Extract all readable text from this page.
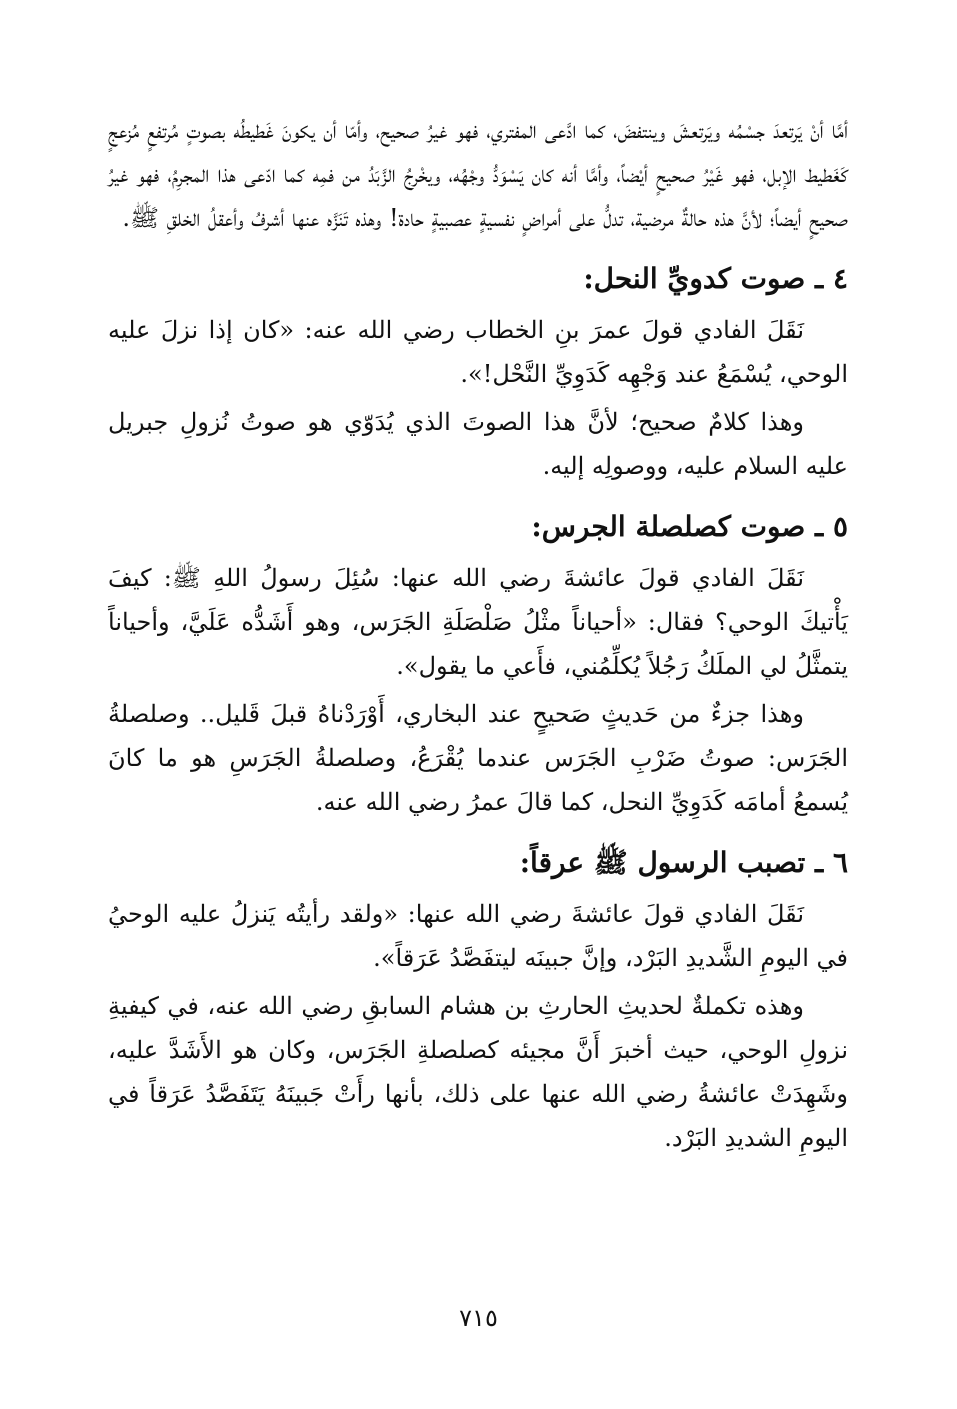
أمَّا أنْ يَرتعدَ جسْمُه ويَرتعشَ وينتفضَ، كما ادَّعى المفتري، فهو غيرُ صحيح، وأمّا أن يكونَ غَطيطُه بصوتٍ مُرتفعٍ مُزعجٍ كَغَطيط الإبل، فهو غَيْرُ صحيحٍ أيْضاً، وأمَّا أنه كان يَسْوَدُّ وجْهُه، ويخْرجُ الزَّبَدُ من فمِه كما ادّعى هذا المجرِمُ، فهو غيرُ صحيحٍ أيضاً؛ لأنَّ هذه حالةٌ مرضية، تدلُّ على أمراضٍ نفسيةٍ عصبيةٍ حادة! وهذه تَنَزَّه عنها أشرفُ وأعقلُ الخلقِ ﷺ.

٤ ـ صوت كدويِّ النحل:

نَقَلَ الفادي قولَ عمرَ بنِ الخطاب رضي الله عنه: «كان إذا نزلَ عليه الوحي، يُسْمَعُ عند وَجْهِه كَدَوِيِّ النَّحْل!».

وهذا كلامٌ صحيح؛ لأنَّ هذا الصوتَ الذي يُدَوّي هو صوتُ نُزولِ جبريل عليه السلام عليه، ووصولِه إليه.

٥ ـ صوت كصلصلة الجرس:

نَقَلَ الفادي قولَ عائشةَ رضي الله عنها: سُئِلَ رسولُ اللهِ ﷺ: كيفَ يَأْتيكَ الوحي؟ فقال: «أحياناً مثْلُ صَلْصَلَةِ الجَرَس، وهو أَشَدُّه عَلَيَّ، وأحياناً يتمثَّلُ لي الملَكُ رَجُلاً يُكلِّمُني، فأَعي ما يقول».

وهذا جزءٌ من حَديثٍ صَحيحٍ عند البخاري، أَوْرَدْناهُ قبلَ قَليل.. وصلصلةُ الجَرَس: صوتُ ضَرْبِ الجَرَس عندما يُقْرَعُ، وصلصلةُ الجَرَسِ هو ما كانَ يُسمعُ أمامَه كَدَوِيِّ النحل، كما قالَ عمرُ رضي الله عنه.

٦ ـ تصبب الرسول ﷺ عرقاً:

نَقَلَ الفادي قولَ عائشةَ رضي الله عنها: «ولقد رأيتُه يَنزلُ عليه الوحيُ في اليومِ الشَّديدِ البَرْد، وإنَّ جبينَه ليتفَصَّدُ عَرَقاً».

وهذه تكملةٌ لحديثِ الحارثِ بن هشام السابقِ رضي الله عنه، في كيفيةِ نزولِ الوحي، حيث أخبرَ أَنَّ مجيئه كصلصلةِ الجَرَس، وكان هو الأَشَدَّ عليه، وشَهِدَتْ عائشةُ رضي الله عنها على ذلك، بأنها رأَتْ جَبينَهُ يَتَفَصَّدُ عَرَقاً في اليومِ الشديدِ البَرْد.

٧١٥
